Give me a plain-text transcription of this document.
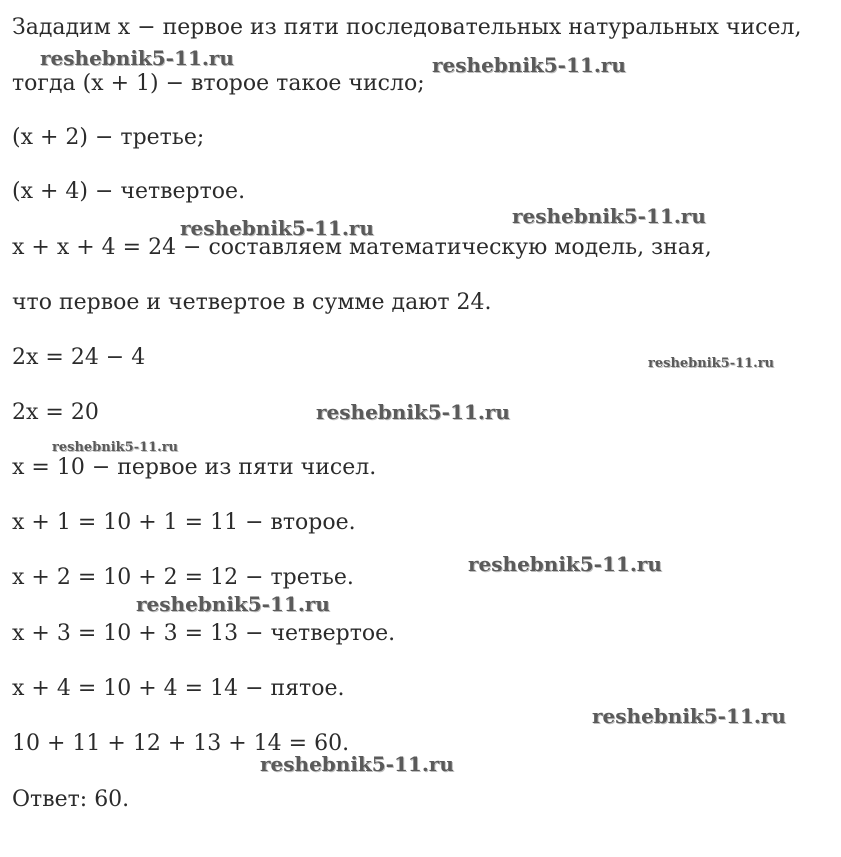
Зададим x − первое из пяти последовательных натуральных чисел,
тогда (x + 1) − второе такое число;
(x + 2) − третье;
(x + 4) − четвертое.
x + x + 4 = 24 − составляем математическую модель, зная,
что первое и четвертое в сумме дают 24.
2x = 24 − 4
2x = 20
x = 10 − первое из пяти чисел.
x + 1 = 10 + 1 = 11 − второе.
x + 2 = 10 + 2 = 12 − третье.
x + 3 = 10 + 3 = 13 − четвертое.
x + 4 = 10 + 4 = 14 − пятое.
10 + 11 + 12 + 13 + 14 = 60.
Ответ: 60.
reshebnik5-11.ru	reshebnik5-11.ru
reshebnik5-11.ru	reshebnik5-11.ru
reshebnik5-11.ru
reshebnik5-11.ru
reshebnik5-11.ru
reshebnik5-11.ru
reshebnik5-11.ru
reshebnik5-11.ru
reshebnik5-11.ru
